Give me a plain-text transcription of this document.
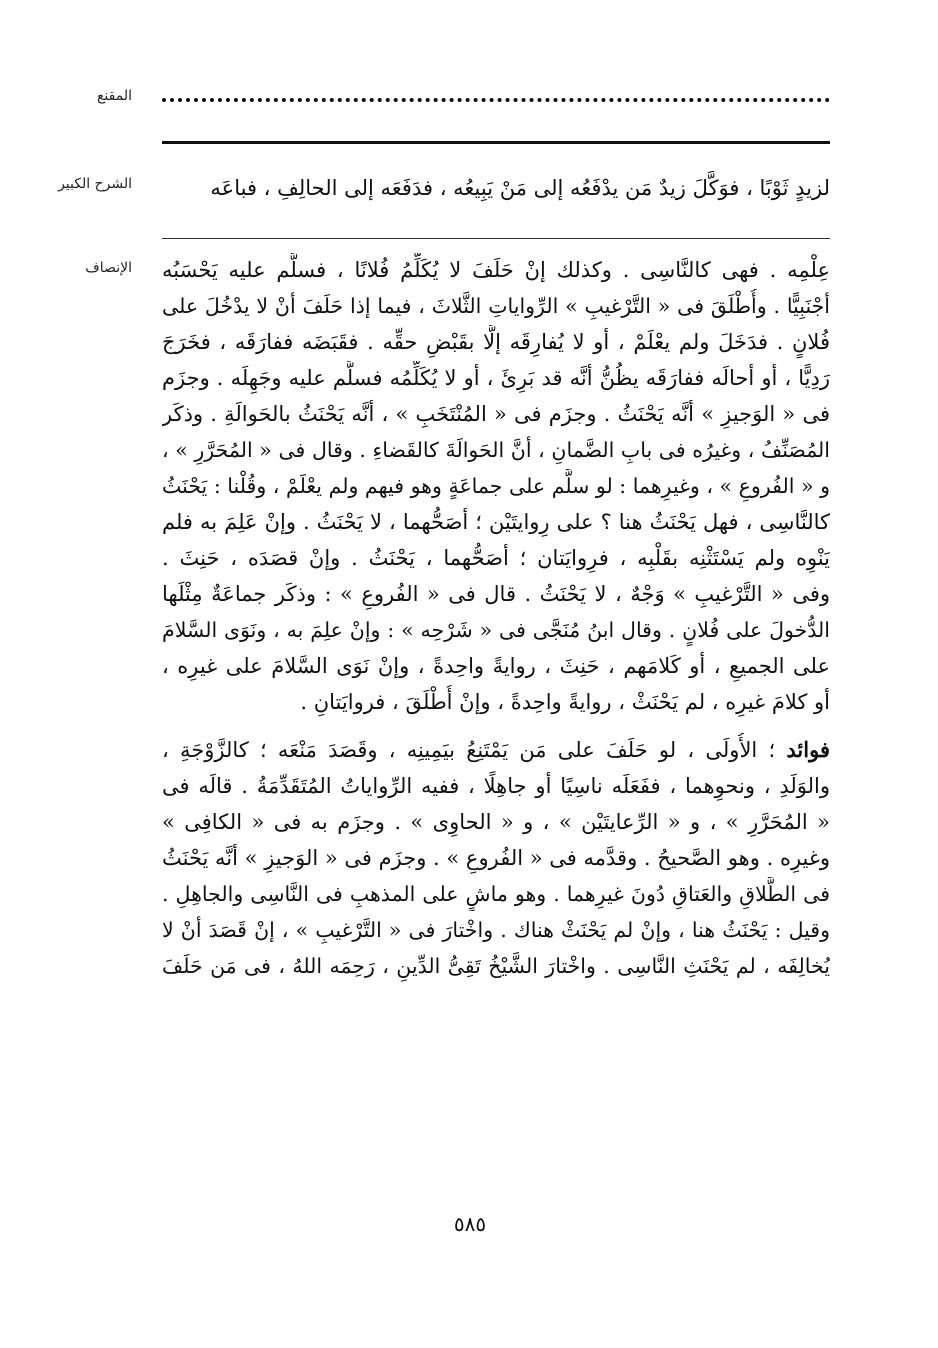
المقنع
الشرح الكبير	لزيدٍ ثَوْبًا ، فوَكَّلَ زيدٌ مَن يدْفَعُه إلى مَنْ يَبِيعُه ، فدَفَعَه إلى الحالِفِ ، فباعَه
الإنصاف عِلْمِه . فهى كالنَّاسِى . وكذلك إنْ حَلَفَ لا يُكَلِّمُ فُلانًا ، فسلَّم عليه يَحْسَبُه
أجْنَبِيًّا . وأُطْلَقَ فى « التَّرْغيبِ » الرِّواياتِ الثَّلاثَ ، فيما إذا حَلَفَ أنْ لا يدْخُلَ على
فُلانٍ . فدَخَلَ ولم يعْلَمْ ، أو لا يُفارِقَه إلَّا بقَبْضِ حقِّه . فقَبَضَه ففارَقَه ، فخَرَجَ
رَدِيًّا ، أو أحالَه ففارَقَه يظُنُّ أنَّه قد بَرِئَ ، أو لا يُكَلِّمُه فسلَّم عليه وجَهِلَه . وجزَم
فى « الوَجيزِ » أنَّه يَحْنَثُ . وجزَم فى « المُنْتَخَبِ » ، أنَّه يَحْنَثُ بالحَوالَةِ . وذكَر
المُصَنِّفُ ، وغيرُه فى بابِ الضَّمانِ ، أنَّ الحَوالَةَ كالقَضاءِ . وقال فى « المُحَرَّرِ » ،
و « الفُروعِ » ، وغيرِهما : لو سلَّم على جماعَةٍ وهو فيهم ولم يعْلَمْ ، وقُلْنا : يَحْنَثُ
كالنَّاسِى ، فهل يَحْنَثُ هنا ؟ على رِوايتَيْن ؛ أصَحُّهما ، لا يَحْنَثُ . وإنْ عَلِمَ به فلم
يَنْوِه ولم يَسْتَثْنِه بقَلْبِه ، فرِوايَتان ؛ أصَحُّهما ، يَحْنَثُ . وإنْ قصَدَه ، حَنِثَ .
وفى « التَّرْغيبِ » وَجْهٌ ، لا يَحْنَثُ . قال فى « الفُروعِ » : وذكَر جماعَةٌ مِثْلَها
الدُّخولَ على فُلانٍ . وقال ابنُ مُنَجَّى فى « شَرْحِه » : وإنْ علِمَ به ، ونَوَى السَّلامَ
على الجميعِ ، أو كَلامَهم ، حَنِثَ ، روايةً واحِدةً ، وإنْ نَوَى السَّلامَ على غيرِه ،
أو كلامَ غيرِه ، لم يَحْنَثْ ، روايةً واحِدةً ، وإنْ أُطْلَقَ ، فروايَتانِ .
فوائد ؛ الأُولَى ، لو حَلَفَ على مَن يَمْتَنِعُ بيَمِينِه ، وقَصَدَ مَنْعَه ؛ كالزَّوْجَةِ ،
والوَلَدِ ، ونحوِهما ، ففَعَلَه ناسِيًا أو جاهِلًا ، ففيه الرِّواياتُ المُتَقَدِّمَةُ . قالَه فى
« المُحَرَّرِ » ، و « الرِّعايتَيْن » ، و « الحاوِى » . وجزَم به فى « الكافِى »
وغيرِه . وهو الصَّحيحُ . وقدَّمه فى « الفُروعِ » . وجزَم فى « الوَجيزِ » أنَّه يَحْنَثُ
فى الطَّلاقِ والعَتاقِ دُونَ غيرِهما . وهو ماشٍ على المذهبِ فى النَّاسِى والجاهِلِ .
وقيل : يَحْنَثُ هنا ، وإنْ لم يَحْنَثْ هناك . واخْتارَ فى « التَّرْغيبِ » ، إنْ قَصَدَ أنْ لا
يُخالِفَه ، لم يَحْنَثِ النَّاسِى . واخْتارَ الشَّيْخُ تَقِىُّ الدِّينِ ، رَحِمَه اللهُ ، فى مَن حَلَفَ
٥٨٥
